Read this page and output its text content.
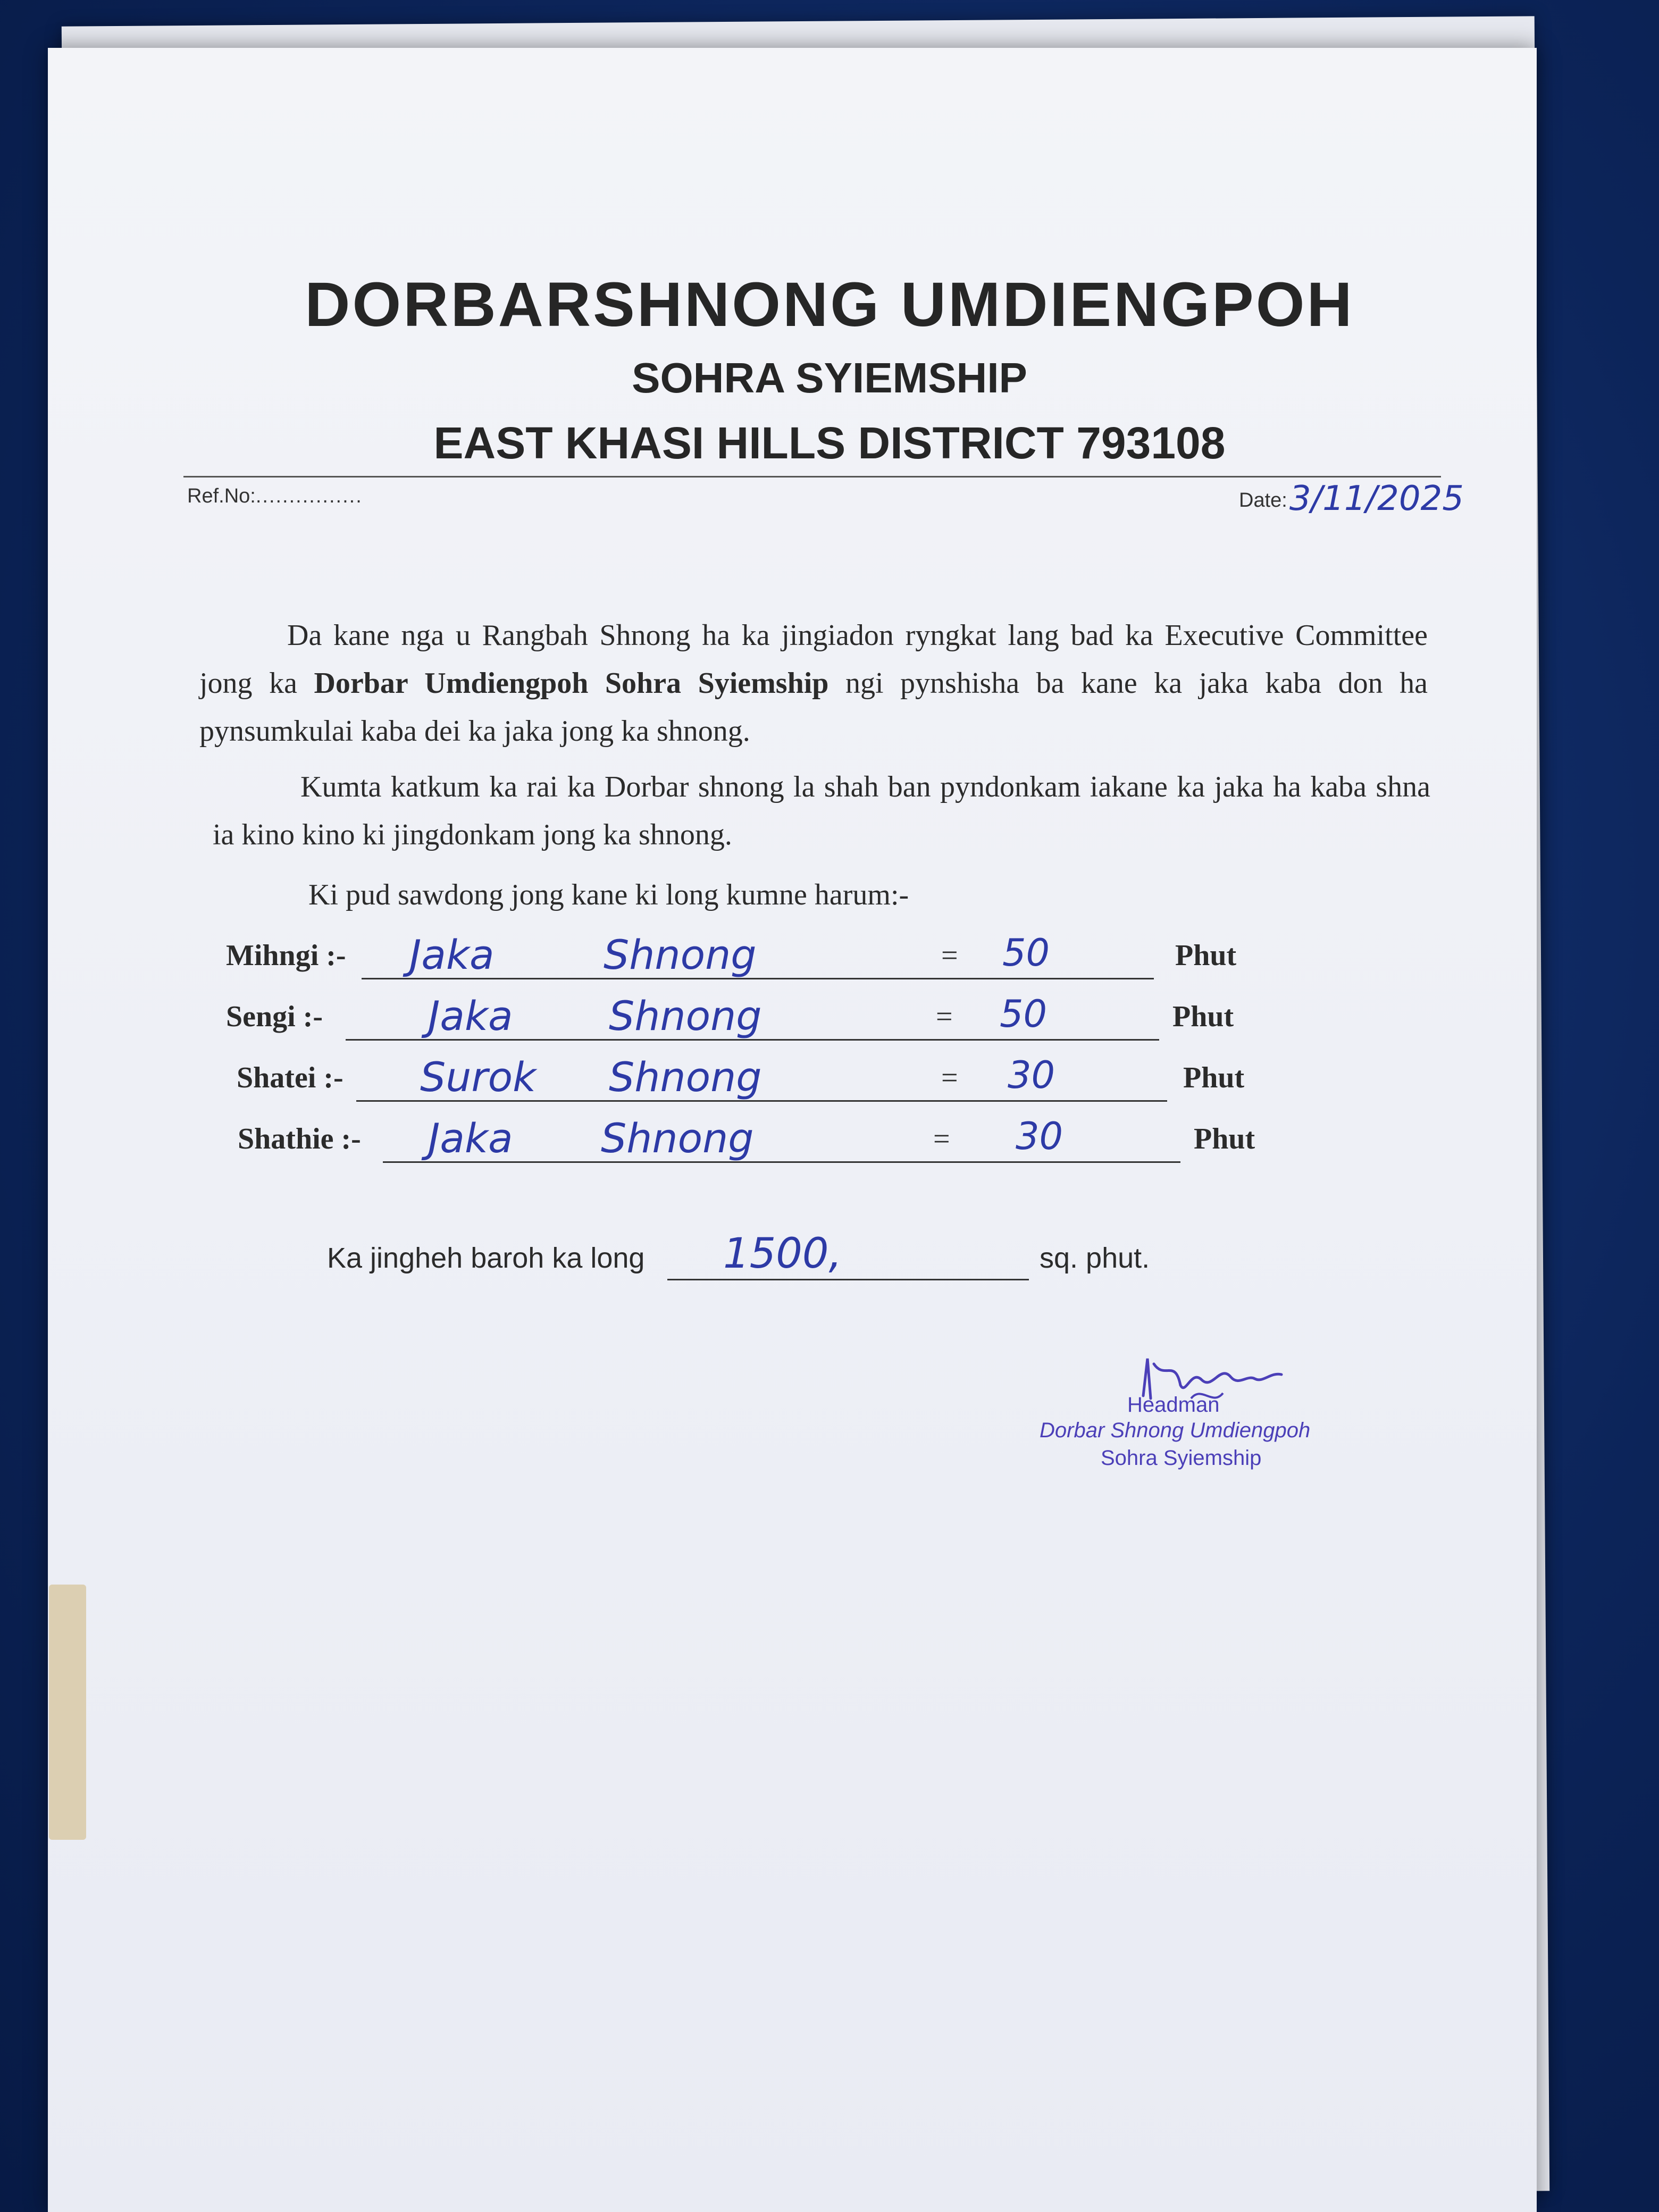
DORBARSHNONG UMDIENGPOH
SOHRA SYIEMSHIP
EAST KHASI HILLS DISTRICT 793108
Ref.No:................	Date:3/11/2025
Da kane nga u Rangbah Shnong ha ka jingiadon ryngkat lang bad ka Executive Committee jong ka Dorbar Umdiengpoh Sohra Syiemship ngi pynshisha ba kane ka jaka kaba don ha pynsumkulai kaba dei ka jaka jong ka shnong.
Kumta katkum ka rai ka Dorbar shnong la shah ban pyndonkam iakane ka jaka ha kaba shna ia kino kino ki jingdonkam jong ka shnong.
Ki pud sawdong jong kane ki long kumne harum:-
Mihngi :- Jaka	Shnong	= 50	Phut
Sengi :-	Jaka Shnong	= 50	Phut
Shatei :- Surok Shnong	= 30	Phut
Shathie :- Jaka Shnong	= 30	Phut
Ka jingheh baroh ka long 1500,	sq. phut.
Headman
Dorbar Shnong Umdiengpoh
Sohra Syiemship
